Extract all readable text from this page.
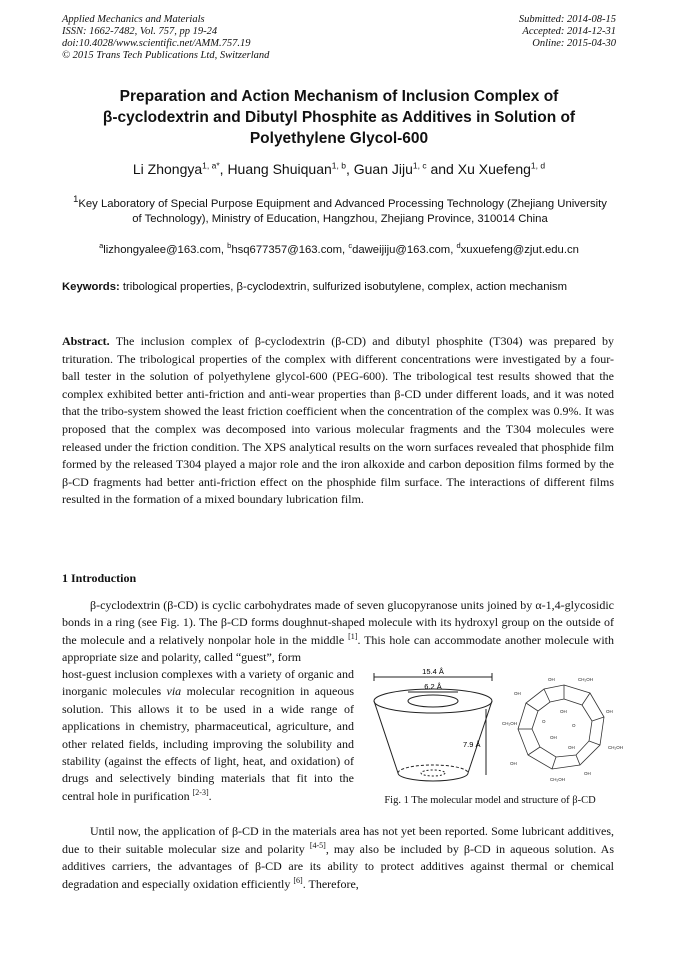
Applied Mechanics and Materials
ISSN: 1662-7482, Vol. 757, pp 19-24
doi:10.4028/www.scientific.net/AMM.757.19
© 2015 Trans Tech Publications Ltd, Switzerland
Submitted: 2014-08-15
Accepted: 2014-12-31
Online: 2015-04-30
Preparation and Action Mechanism of Inclusion Complex of
β-cyclodextrin and Dibutyl Phosphite as Additives in Solution of
Polyethylene Glycol-600
Li Zhongya$^{1, a*}$, Huang Shuiquan$^{1, b}$, Guan Jiju$^{1, c}$ and Xu Xuefeng$^{1, d}$
$^1$Key Laboratory of Special Purpose Equipment and Advanced Processing Technology (Zhejiang University of Technology), Ministry of Education, Hangzhou, Zhejiang Province, 310014 China
$^a$lizhongyalee@163.com, $^b$hsq677357@163.com, $^c$daweijiju@163.com, $^d$xuxuefeng@zjut.edu.cn
Keywords: tribological properties, β-cyclodextrin, sulfurized isobutylene, complex, action mechanism
Abstract. The inclusion complex of β-cyclodextrin (β-CD) and dibutyl phosphite (T304) was prepared by trituration. The tribological properties of the complex with different concentrations were investigated by a four-ball tester in the solution of polyethylene glycol-600 (PEG-600). The tribological test results showed that the complex exhibited better anti-friction and anti-wear properties than β-CD under different loads, and it was noted that the tribo-system showed the least friction coefficient when the concentration of the complex was 0.9%. It was proposed that the complex was decomposed into various molecular fragments and the T304 molecules were released under the friction condition. The XPS analytical results on the worn surfaces revealed that phosphide film formed by the released T304 played a major role and the iron alkoxide and carbon deposition films formed by the β-CD fragments had better anti-friction effect on the phosphide film surface. The interactions of different films resulted in the formation of a mixed boundary lubrication film.
1 Introduction
β-cyclodextrin (β-CD) is cyclic carbohydrates made of seven glucopyranose units joined by α-1,4-glycosidic bonds in a ring (see Fig. 1). The β-CD forms doughnut-shaped molecule with its hydroxyl group on the outside of the molecule and a relatively nonpolar hole in the middle [1]. This hole can accommodate another molecule with appropriate size and polarity, called “guest”, form
host-guest inclusion complexes with a variety of organic and inorganic molecules via molecular recognition in aqueous solution. This allows it to be used in a wide range of applications in chemistry, pharmaceutical, agriculture, and other related fields, including improving the solubility and stability (against the effects of light, heat, and oxidation) of drugs and selectively binding materials that fit into the central hole in purification [2-3].
15.4 Å
6.2 Å
7.9 Å
OH	CH₂OH
OH
CH₂OH
OH
CH₂OH
OH
CH₂OH
OH
OH
O
OH
OH
O
Fig. 1 The molecular model and structure of β-CD
Until now, the application of β-CD in the materials area has not yet been reported. Some lubricant additives, due to their suitable molecular size and polarity [4-5], may also be included by β-CD in aqueous solution. As additives carriers, the advantages of β-CD are its ability to protect additives against thermal or chemical degradation and especially oxidation efficiently [6]. Therefore,
